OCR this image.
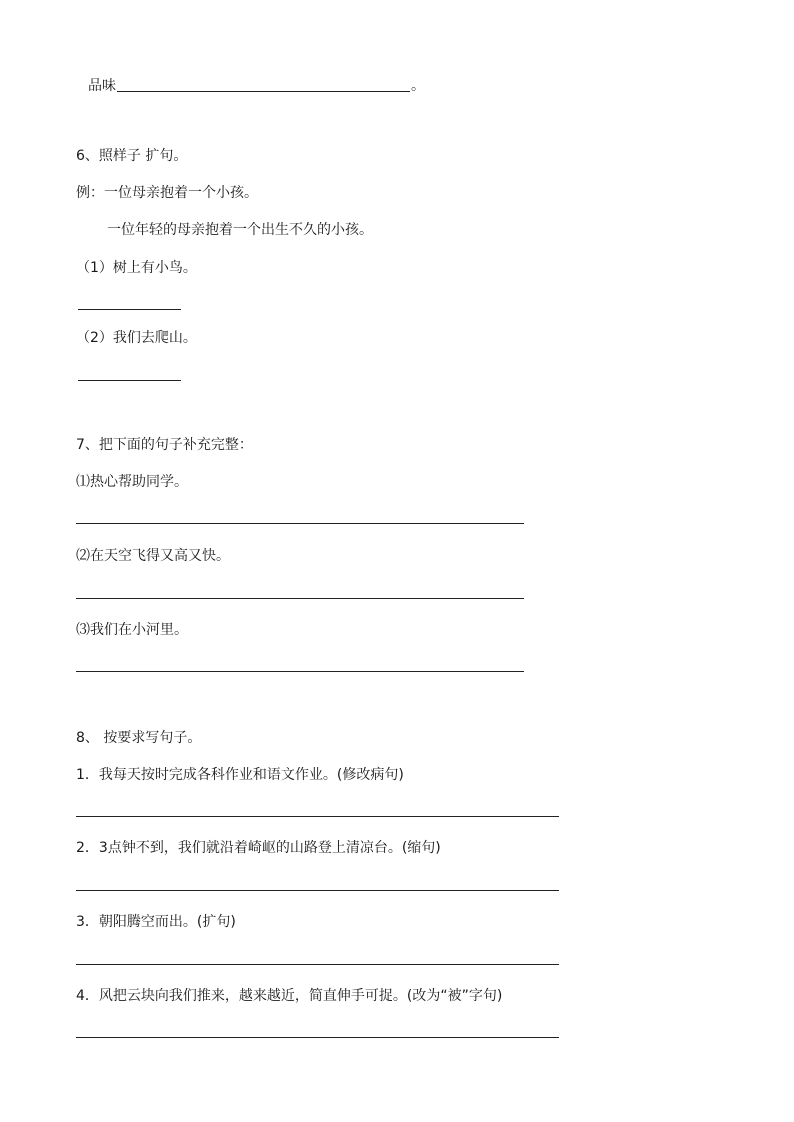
品味	。
6、照样子 扩句。
例：一位母亲抱着一个小孩。
一位年轻的母亲抱着一个出生不久的小孩。
（1）树上有小鸟。
（2）我们去爬山。
7、把下面的句子补充完整：
⑴热心帮助同学。
⑵在天空飞得又高又快。
⑶我们在小河里。
8、 按要求写句子。
1．我每天按时完成各科作业和语文作业。(修改病句)
2．3点钟不到，我们就沿着崎岖的山路登上清凉台。(缩句)
3．朝阳腾空而出。(扩句)
4．风把云块向我们推来，越来越近，简直伸手可捉。(改为“被”字句)
